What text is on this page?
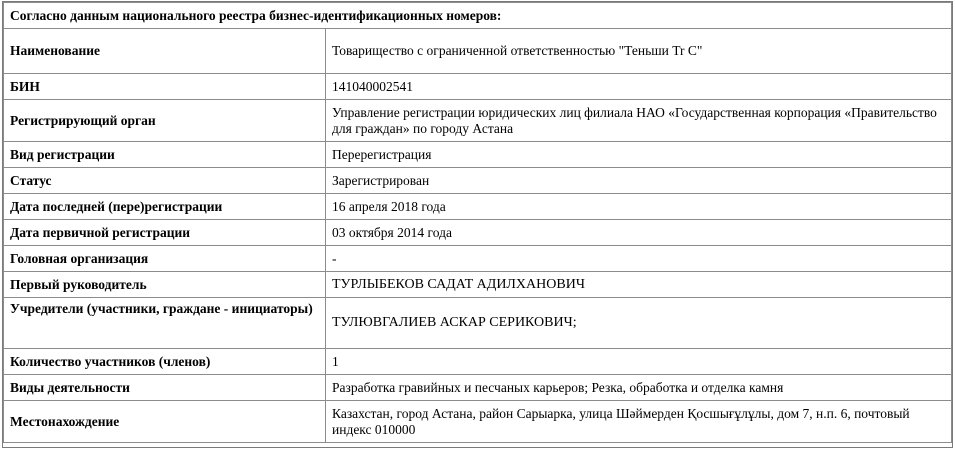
Согласно данным национального реестра бизнес-идентификационных номеров:	
Наименование	Товарищество с ограниченной ответственностью "Теньши Tr C"
БИН	141040002541
Регистрирующий орган	Управление регистрации юридических лиц филиала НАО «Государственная корпорация «Правительство для граждан» по городу Астана
Вид регистрации	Перерегистрация
Статус	Зарегистрирован
Дата последней (пере)регистрации	16 апреля 2018 года
Дата первичной регистрации	03 октября 2014 года
Головная организация	-
Первый руководитель	ТУРЛЫБЕКОВ САДАТ АДИЛХАНОВИЧ
Учредители (участники, граждане - инициаторы)	ТУЛЮВГАЛИЕВ АСКАР СЕРИКОВИЧ;
Количество участников (членов)	1
Виды деятельности	Разработка гравийных и песчаных карьеров; Резка, обработка и отделка камня
Местонахождение	Казахстан, город Астана, район Сарыарка, улица Шәймерден Қосшығұлұлы, дом 7, н.п. 6, почтовый индекс 010000
